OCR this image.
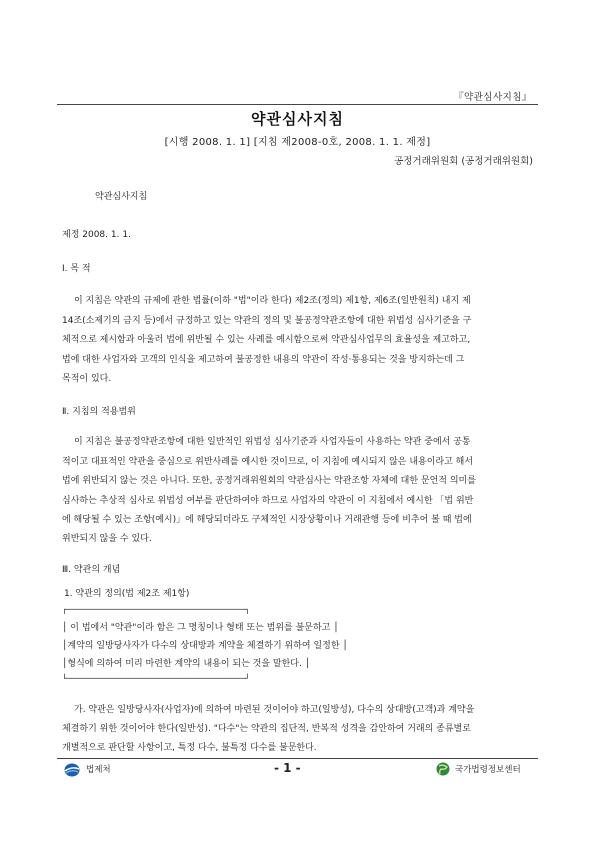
『약관심사지침』
약관심사지침
[시행 2008. 1. 1] [지침 제2008-0호, 2008. 1. 1. 제정]
공정거래위원회 (공정거래위원회)
약관심사지침
제정 2008. 1. 1.
Ⅰ. 목 적
이 지침은 약관의 규제에 관한 법률(이하 "법"이라 한다) 제2조(정의) 제1항, 제6조(일반원칙) 내지 제
14조(소제기의 금지 등)에서 규정하고 있는 약관의 정의 및 불공정약관조항에 대한 위법성 심사기준을 구
체적으로 제시함과 아울러 법에 위반될 수 있는 사례를 예시함으로써 약관심사업무의 효율성을 제고하고,
법에 대한 사업자와 고객의 인식을 제고하여 불공정한 내용의 약관이 작성·통용되는 것을 방지하는데 그
목적이 있다.
Ⅱ. 지침의 적용범위
이 지침은 불공정약관조항에 대한 일반적인 위법성 심사기준과 사업자들이 사용하는 약관 중에서 공통
적이고 대표적인 약관을 중심으로 위반사례를 예시한 것이므로, 이 지침에 예시되지 않은 내용이라고 해서
법에 위반되지 않는 것은 아니다. 또한, 공정거래위원회의 약관심사는 약관조항 자체에 대한 문언적 의미를
심사하는 추상적 심사로 위법성 여부를 판단하여야 하므로 사업자의 약관이 이 지침에서 예시한 「법 위반
에 해당될 수 있는 조항(예시)」에 해당되더라도 구체적인 시장상황이나 거래관행 등에 비추어 볼 때 법에
위반되지 않을 수 있다.
Ⅲ. 약관의 개념
1. 약관의 정의(법 제2조 제1항)
┌─────────────────────────────────────┐
│ 이 법에서 "약관"이라 함은 그 명칭이나 형태 또는 범위를 불문하고 │
│계약의 일방당사자가 다수의 상대방과 계약을 체결하기 위하여 일정한 │
│형식에 의하여 미리 마련한 계약의 내용이 되는 것을 말한다. │
└─────────────────────────────────────┘
가. 약관은 일방당사자(사업자)에 의하여 마련된 것이어야 하고(일방성), 다수의 상대방(고객)과 계약을
체결하기 위한 것이어야 한다(일반성). "다수"는 약관의 집단적, 반복적 성격을 감안하여 거래의 종류별로
개별적으로 판단할 사항이고, 특정 다수, 불특정 다수를 불문한다.
법제처	- 1 -	국가법령정보센터
